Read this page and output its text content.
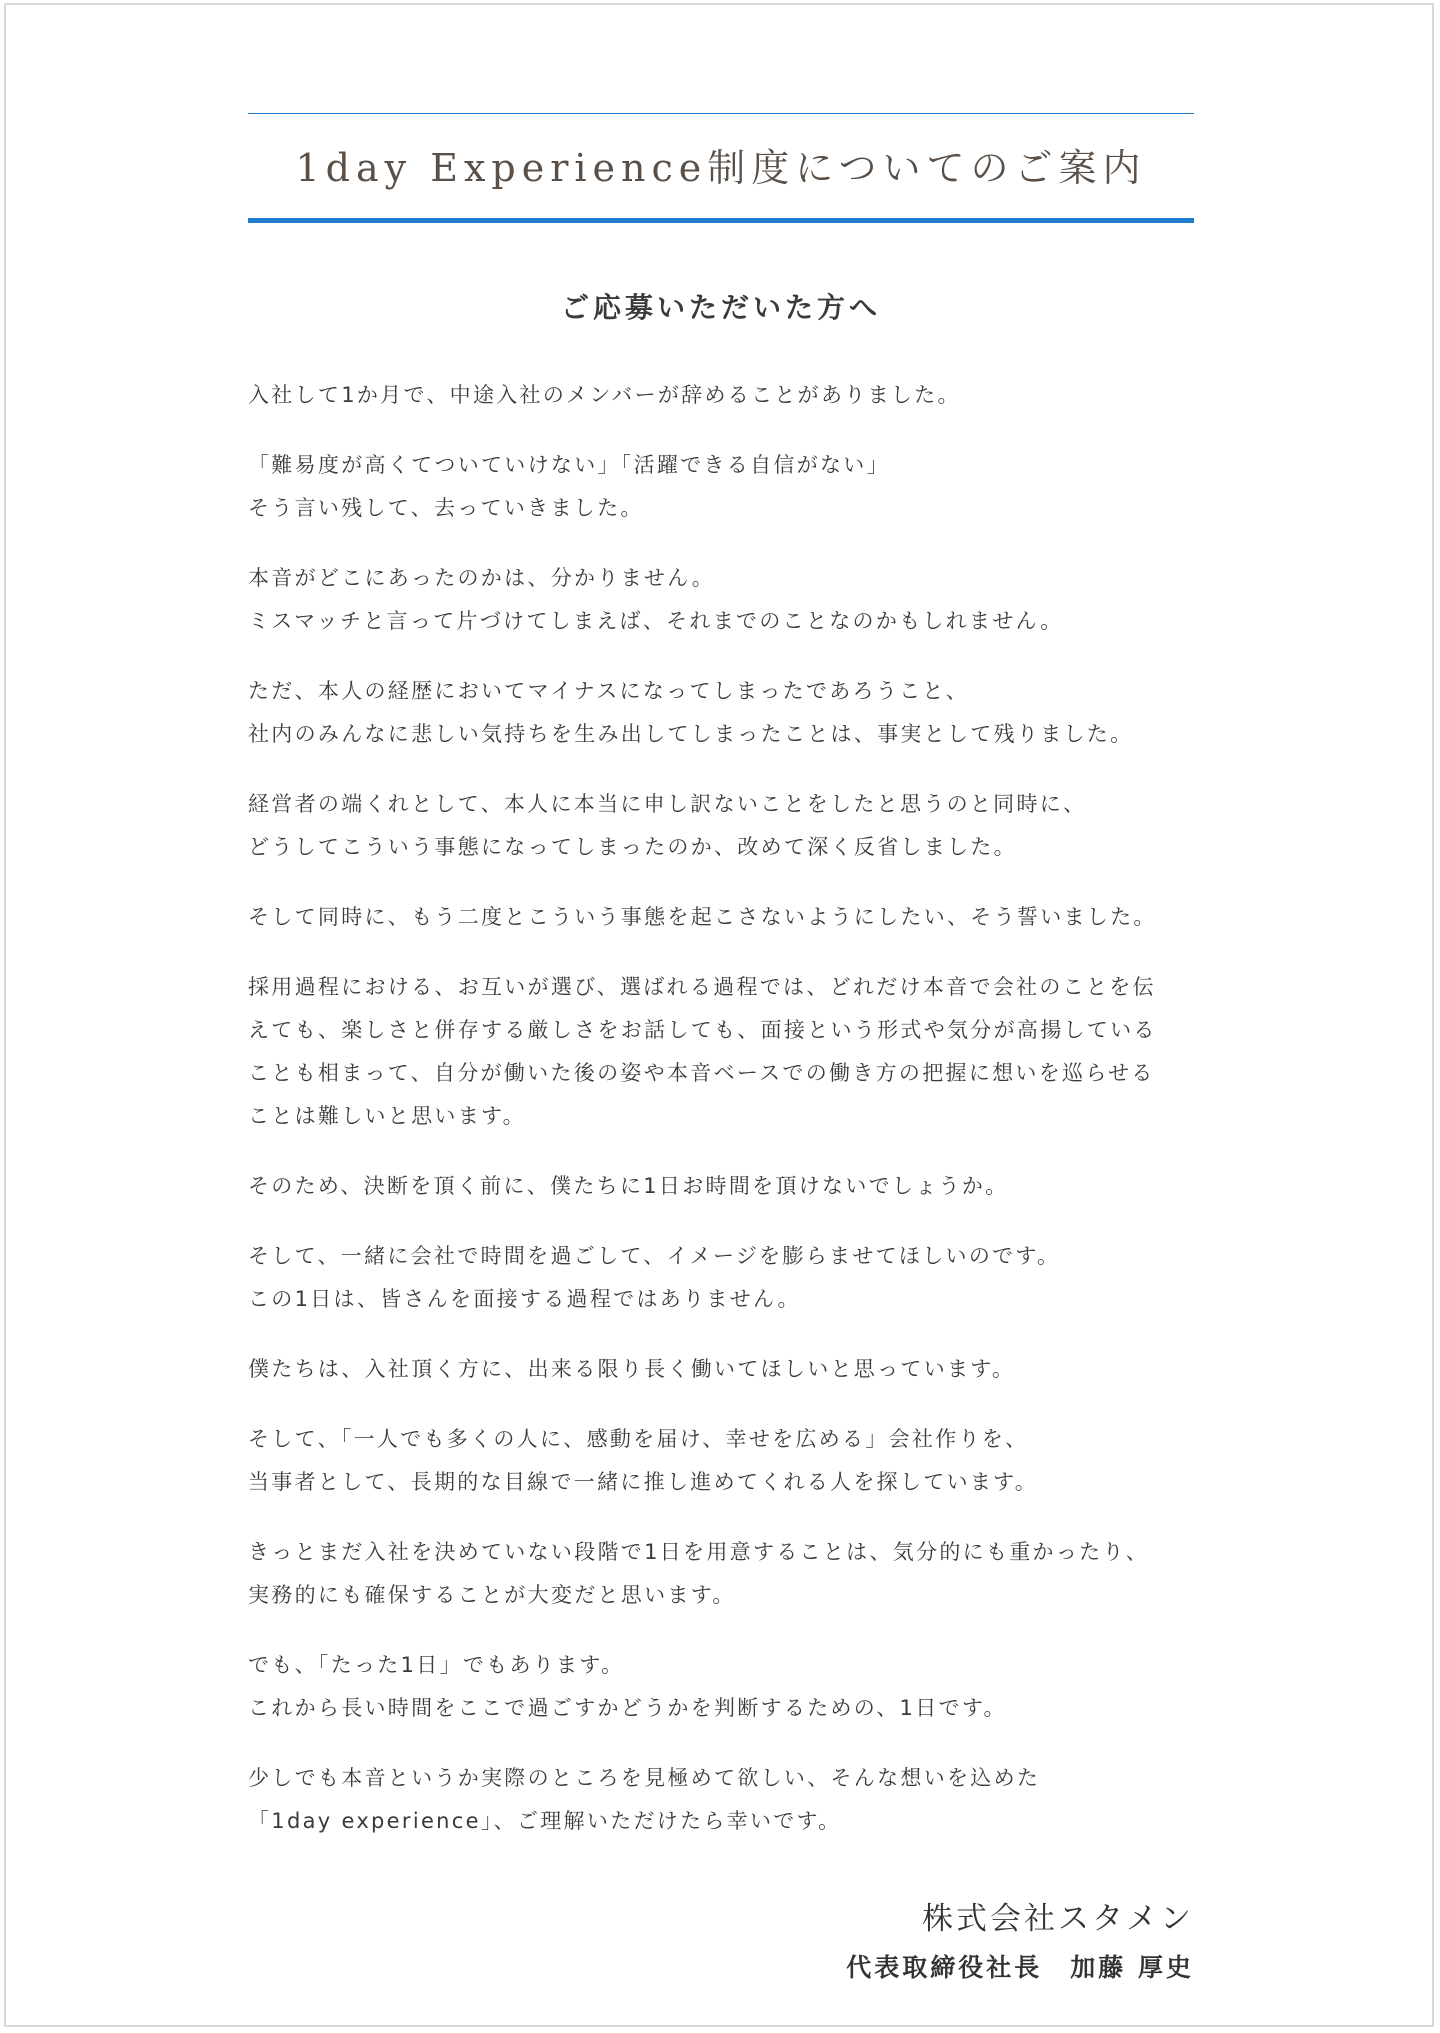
1day Experience制度についてのご案内
ご応募いただいた方へ

入社して1か月で、中途入社のメンバーが辞めることがありました。

「難易度が高くてついていけない」「活躍できる自信がない」
そう言い残して、去っていきました。

本音がどこにあったのかは、分かりません。
ミスマッチと言って片づけてしまえば、それまでのことなのかもしれません。

ただ、本人の経歴においてマイナスになってしまったであろうこと、
社内のみんなに悲しい気持ちを生み出してしまったことは、事実として残りました。

経営者の端くれとして、本人に本当に申し訳ないことをしたと思うのと同時に、
どうしてこういう事態になってしまったのか、改めて深く反省しました。

そして同時に、もう二度とこういう事態を起こさないようにしたい、そう誓いました。

採用過程における、お互いが選び、選ばれる過程では、どれだけ本音で会社のことを伝
えても、楽しさと併存する厳しさをお話しても、面接という形式や気分が高揚している
ことも相まって、自分が働いた後の姿や本音ベースでの働き方の把握に想いを巡らせる
ことは難しいと思います。

そのため、決断を頂く前に、僕たちに1日お時間を頂けないでしょうか。

そして、一緒に会社で時間を過ごして、イメージを膨らませてほしいのです。
この1日は、皆さんを面接する過程ではありません。

僕たちは、入社頂く方に、出来る限り長く働いてほしいと思っています。

そして、「一人でも多くの人に、感動を届け、幸せを広める」会社作りを、
当事者として、長期的な目線で一緒に推し進めてくれる人を探しています。

きっとまだ入社を決めていない段階で1日を用意することは、気分的にも重かったり、
実務的にも確保することが大変だと思います。

でも、「たった1日」でもあります。
これから長い時間をここで過ごすかどうかを判断するための、1日です。

少しでも本音というか実際のところを見極めて欲しい、そんな想いを込めた
「1day experience」、ご理解いただけたら幸いです。

株式会社スタメン
代表取締役社長　加藤 厚史
